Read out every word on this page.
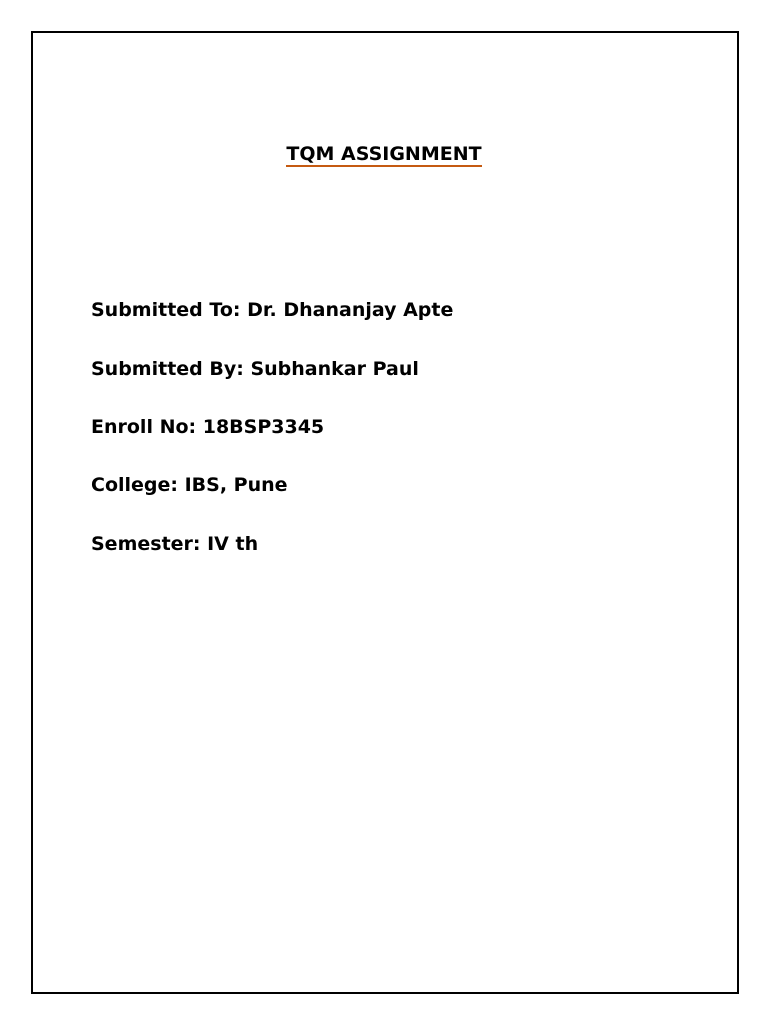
TQM ASSIGNMENT

Submitted To: Dr. Dhananjay Apte

Submitted By: Subhankar Paul

Enroll No: 18BSP3345

College: IBS, Pune

Semester: IV th
